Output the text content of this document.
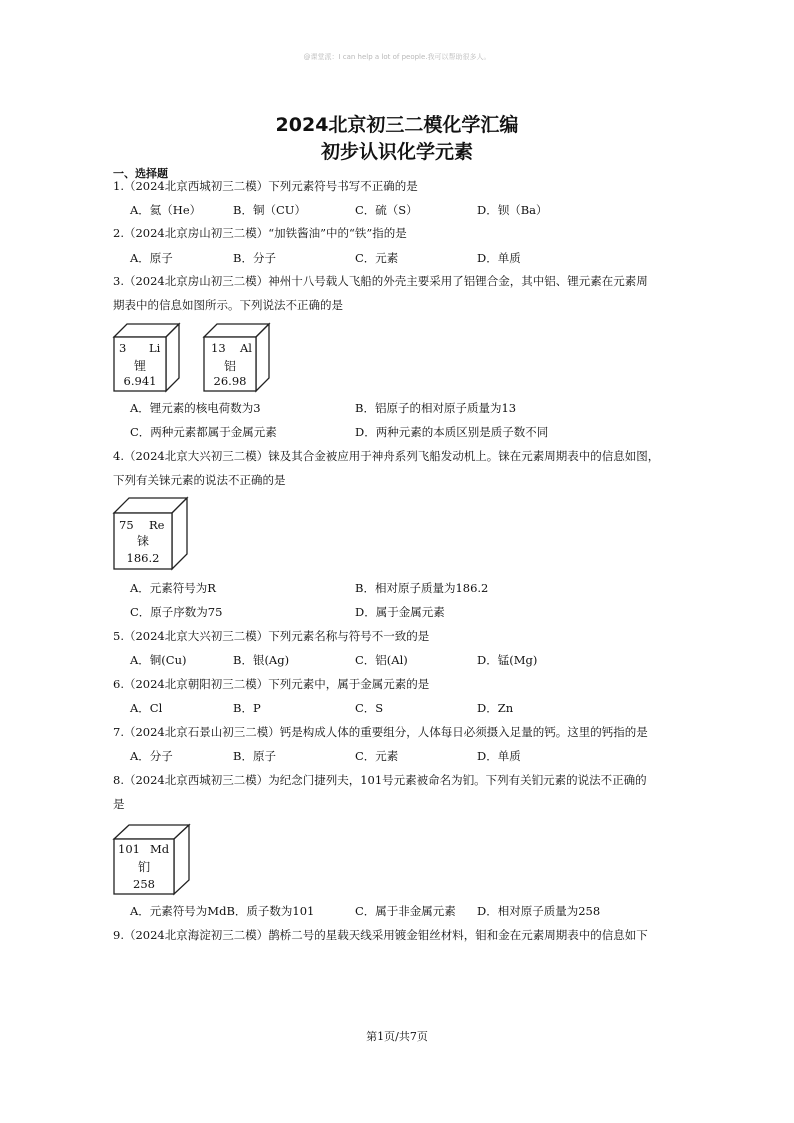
@课堂派：I can help a lot of people.我可以帮助很多人。
2024北京初三二模化学汇编
初步认识化学元素
一、选择题
1.（2024北京西城初三二模）下列元素符号书写不正确的是
A．氦（He）	B．铜（CU）	C．硫（S）	D．钡（Ba）
2.（2024北京房山初三二模）“加铁酱油”中的“铁”指的是
A．原子	B．分子	C．元素	D．单质
3.（2024北京房山初三二模）神州十八号载人飞船的外壳主要采用了铝锂合金，其中铝、锂元素在元素周
期表中的信息如图所示。下列说法不正确的是
3 Li
锂
6.941
13 Al
铝
26.98
A．锂元素的核电荷数为3	B．铝原子的相对原子质量为13
C．两种元素都属于金属元素	D．两种元素的本质区别是质子数不同
4.（2024北京大兴初三二模）铼及其合金被应用于神舟系列飞船发动机上。铼在元素周期表中的信息如图，
下列有关铼元素的说法不正确的是
75 Re
铼
186.2
A．元素符号为R	B．相对原子质量为186.2
C．原子序数为75	D．属于金属元素
5.（2024北京大兴初三二模）下列元素名称与符号不一致的是
A．铜(Cu)	B．银(Ag)	C．铝(Al)	D．锰(Mg)
6.（2024北京朝阳初三二模）下列元素中，属于金属元素的是
A．Cl	B．P	C．S	D．Zn
7.（2024北京石景山初三二模）钙是构成人体的重要组分，人体每日必须摄入足量的钙。这里的钙指的是
A．分子	B．原子	C．元素	D．单质
8.（2024北京西城初三二模）为纪念门捷列夫，101号元素被命名为钔。下列有关钔元素的说法不正确的
是
101 Md
钔
258
A．元素符号为MdB．质子数为101	C．属于非金属元素 D．相对原子质量为258
9.（2024北京海淀初三二模）鹊桥二号的星载天线采用镀金钼丝材料，钼和金在元素周期表中的信息如下
第1页/共7页
